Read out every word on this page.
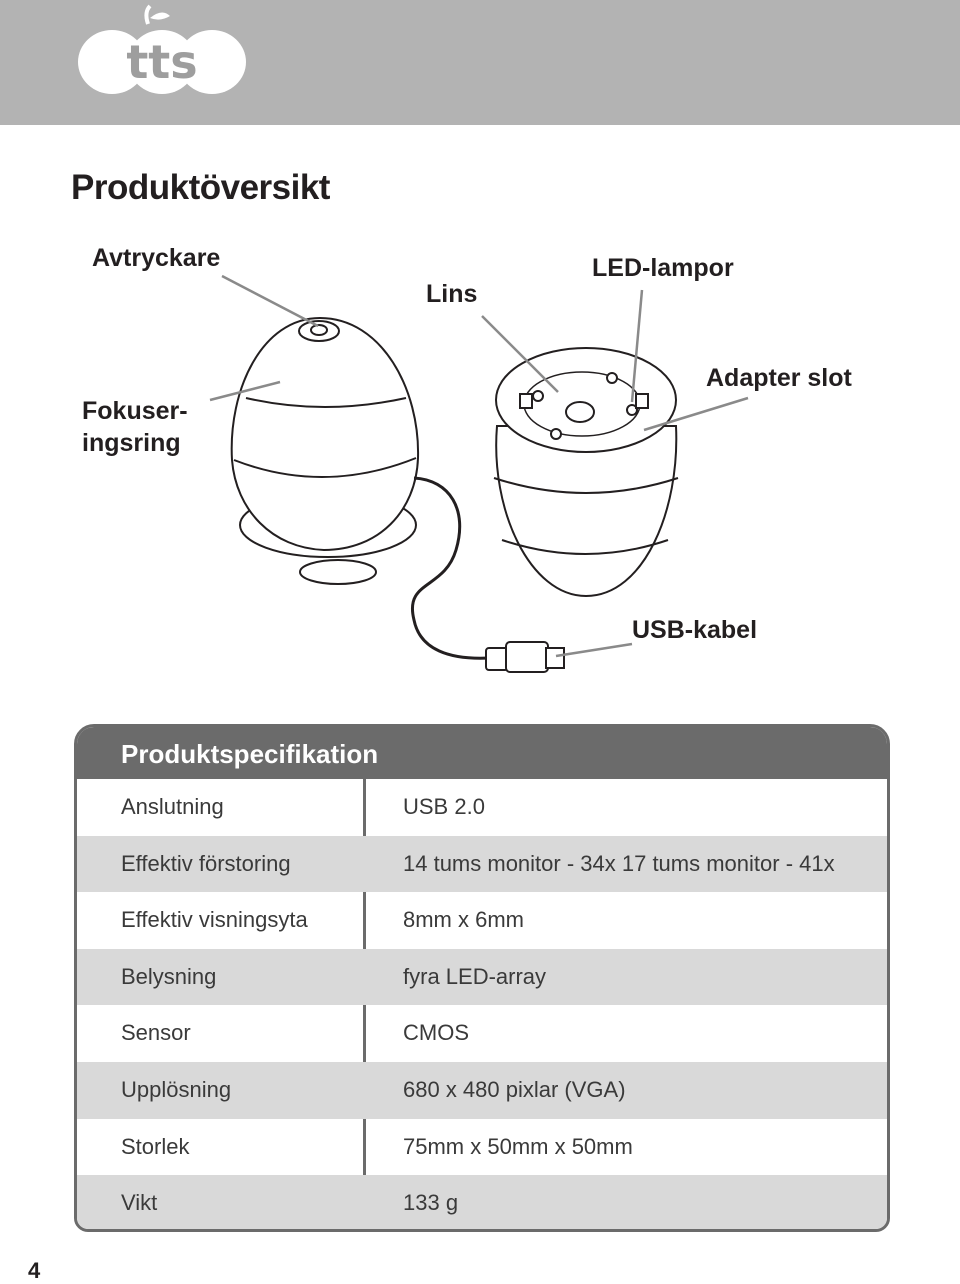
tts
Produktöversikt
Avtryckare
Lins
LED-lampor
Adapter slot
Fokuser-
ingsring
USB-kabel
Produktspecifikation
Anslutning	USB 2.0
Effektiv förstoring	14 tums monitor - 34x 17 tums monitor - 41x
Effektiv visningsyta	8mm x 6mm
Belysning	fyra LED-array
Sensor	CMOS
Upplösning	680 x 480 pixlar (VGA)
Storlek	75mm x 50mm x 50mm
Vikt	133 g
4
